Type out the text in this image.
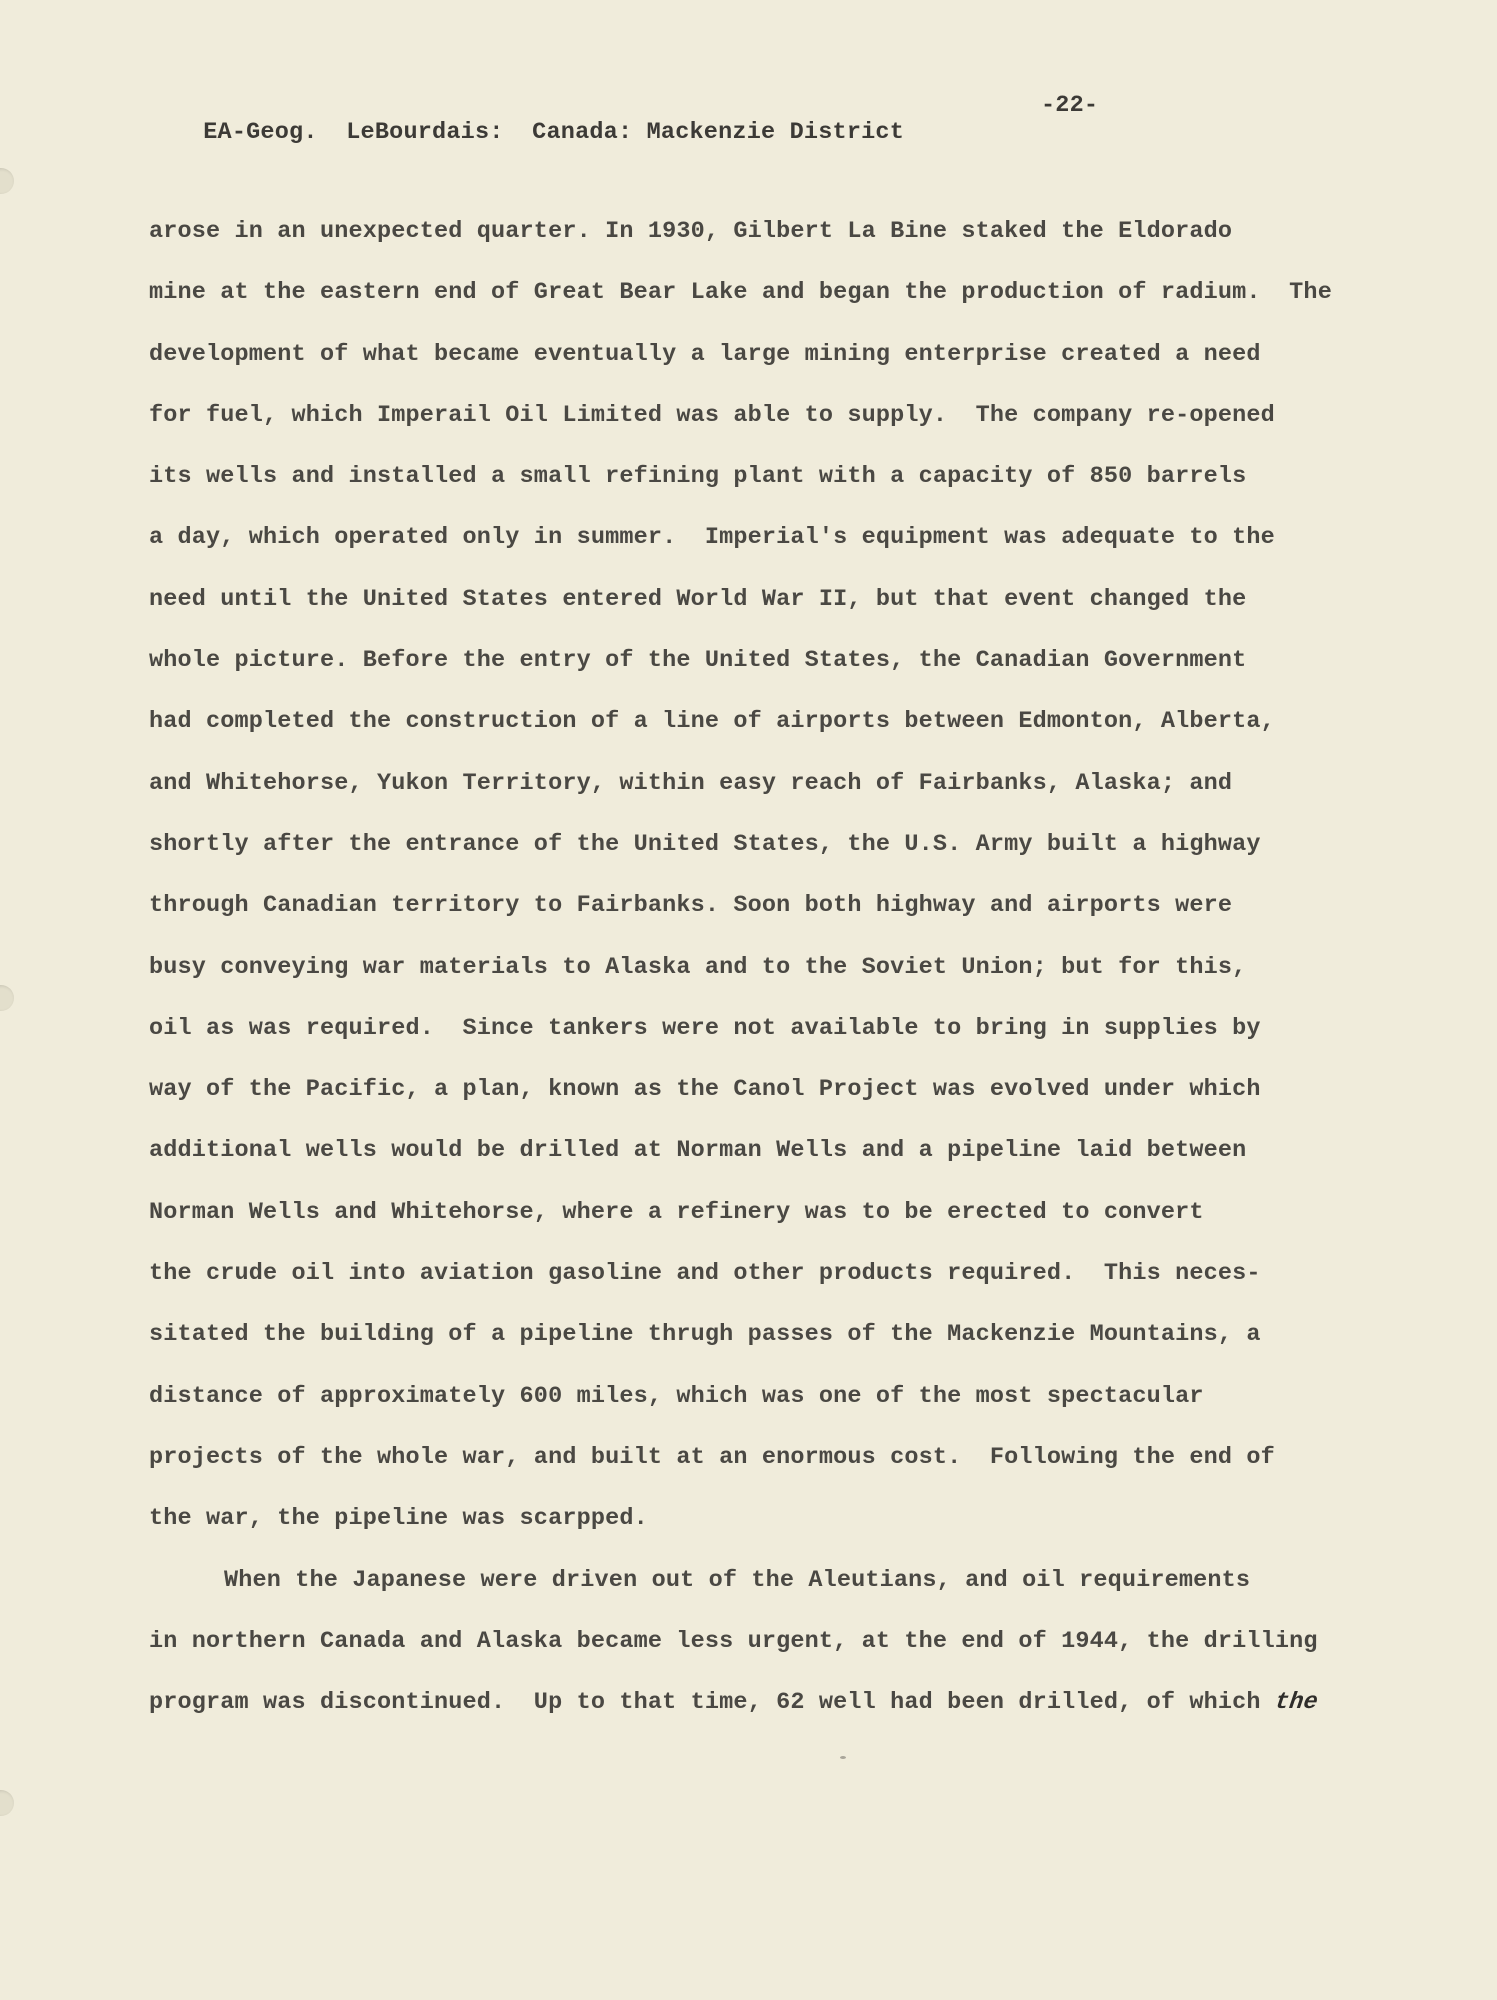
EA-Geog.  LeBourdais:  Canada: Mackenzie District

-22-

arose in an unexpected quarter. In 1930, Gilbert La Bine staked the Eldorado
mine at the eastern end of Great Bear Lake and began the production of radium.  The
development of what became eventually a large mining enterprise created a need
for fuel, which Imperail Oil Limited was able to supply.  The company re-opened
its wells and installed a small refining plant with a capacity of 850 barrels
a day, which operated only in summer.  Imperial's equipment was adequate to the
need until the United States entered World War II, but that event changed the
whole picture. Before the entry of the United States, the Canadian Government
had completed the construction of a line of airports between Edmonton, Alberta,
and Whitehorse, Yukon Territory, within easy reach of Fairbanks, Alaska; and
shortly after the entrance of the United States, the U.S. Army built a highway
through Canadian territory to Fairbanks. Soon both highway and airports were
busy conveying war materials to Alaska and to the Soviet Union; but for this,
oil as was required.  Since tankers were not available to bring in supplies by
way of the Pacific, a plan, known as the Canol Project was evolved under which
additional wells would be drilled at Norman Wells and a pipeline laid between
Norman Wells and Whitehorse, where a refinery was to be erected to convert
the crude oil into aviation gasoline and other products required.  This neces-
sitated the building of a pipeline thrugh passes of the Mackenzie Mountains, a
distance of approximately 600 miles, which was one of the most spectacular
projects of the whole war, and built at an enormous cost.  Following the end of
the war, the pipeline was scarpped.
When the Japanese were driven out of the Aleutians, and oil requirements
in northern Canada and Alaska became less urgent, at the end of 1944, the drilling
program was discontinued.  Up to that time, 62 well had been drilled, of which the
